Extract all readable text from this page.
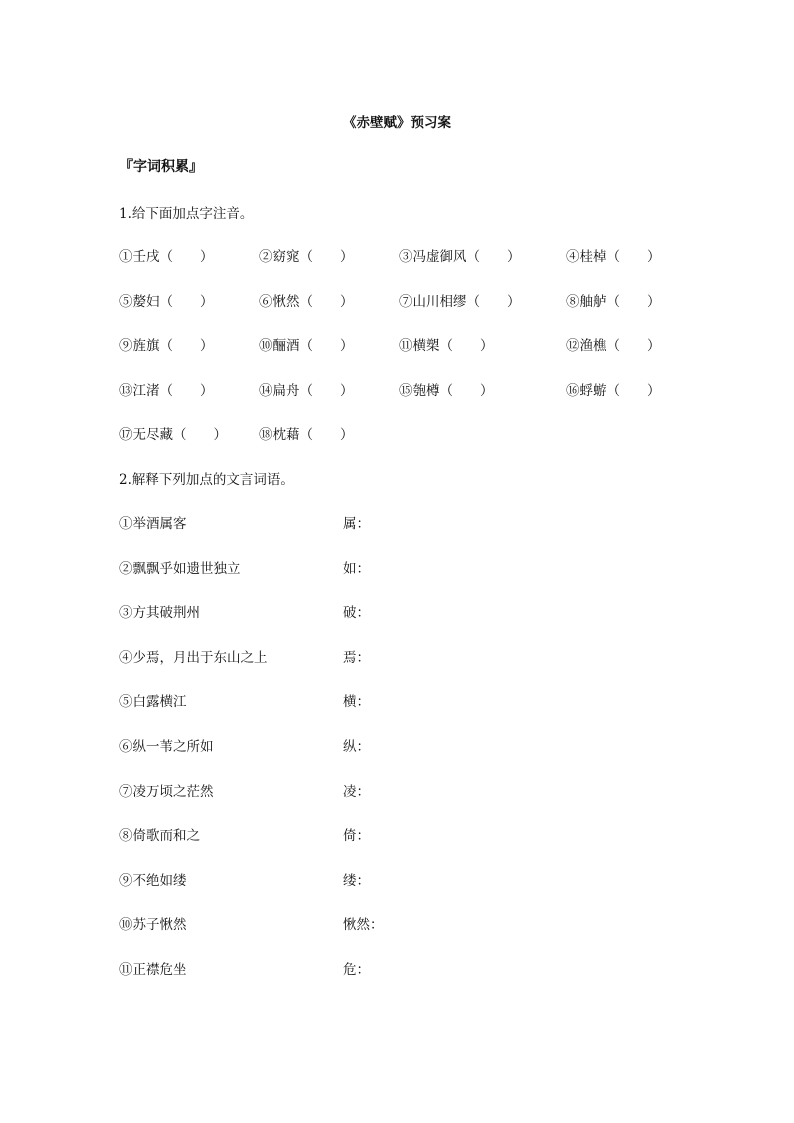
《赤壁赋》预习案
『字词积累』
1.给下面加点字注音。
①壬戌（　　）	②窈窕（　　）	③冯虚御风（　　）	④桂棹（　　）
⑤嫠妇（　　）	⑥愀然（　　）	⑦山川相缪（　　）	⑧舳舻（　　）
⑨旌旗（　　）	⑩酾酒（　　）	⑪横槊（　　）	⑫渔樵（　　）
⑬江渚（　　）	⑭扁舟（　　）	⑮匏樽（　　）	⑯蜉蝣（　　）
⑰无尽藏（　　） ⑱枕藉（　　）
2.解释下列加点的文言词语。
①举酒属客	属：
②飘飘乎如遗世独立	如：
③方其破荆州	破：
④少焉，月出于东山之上	焉：
⑤白露横江	横：
⑥纵一苇之所如	纵：
⑦凌万顷之茫然	凌：
⑧倚歌而和之	倚：
⑨不绝如缕	缕：
⑩苏子愀然	愀然：
⑪正襟危坐	危：
